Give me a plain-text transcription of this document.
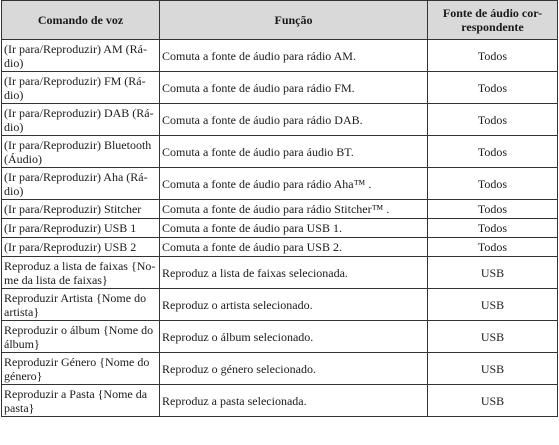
Comando de voz	Função	Fonte de áudio cor-
respondente
(Ir para/Reproduzir) AM (Rá-
dio)	Comuta a fonte de áudio para rádio AM.	Todos
(Ir para/Reproduzir) FM (Rá-
dio)	Comuta a fonte de áudio para rádio FM.	Todos
(Ir para/Reproduzir) DAB (Rá-
dio)	Comuta a fonte de áudio para rádio DAB.	Todos
(Ir para/Reproduzir) Bluetooth
(Áudio)	Comuta a fonte de áudio para áudio BT.	Todos
(Ir para/Reproduzir) Aha (Rá-
dio)	Comuta a fonte de áudio para rádio Aha™ .	Todos
(Ir para/Reproduzir) Stitcher	Comuta a fonte de áudio para rádio Stitcher™ .	Todos
(Ir para/Reproduzir) USB 1	Comuta a fonte de áudio para USB 1.	Todos
(Ir para/Reproduzir) USB 2	Comuta a fonte de áudio para USB 2.	Todos
Reproduz a lista de faixas {No-
me da lista de faixas}	Reproduz a lista de faixas selecionada.	USB
Reproduzir Artista {Nome do
artista}	Reproduz o artista selecionado.	USB
Reproduzir o álbum {Nome do
álbum}	Reproduz o álbum selecionado.	USB
Reproduzir Género {Nome do
género}	Reproduz o género selecionado.	USB
Reproduzir a Pasta {Nome da
pasta}	Reproduz a pasta selecionada.	USB
